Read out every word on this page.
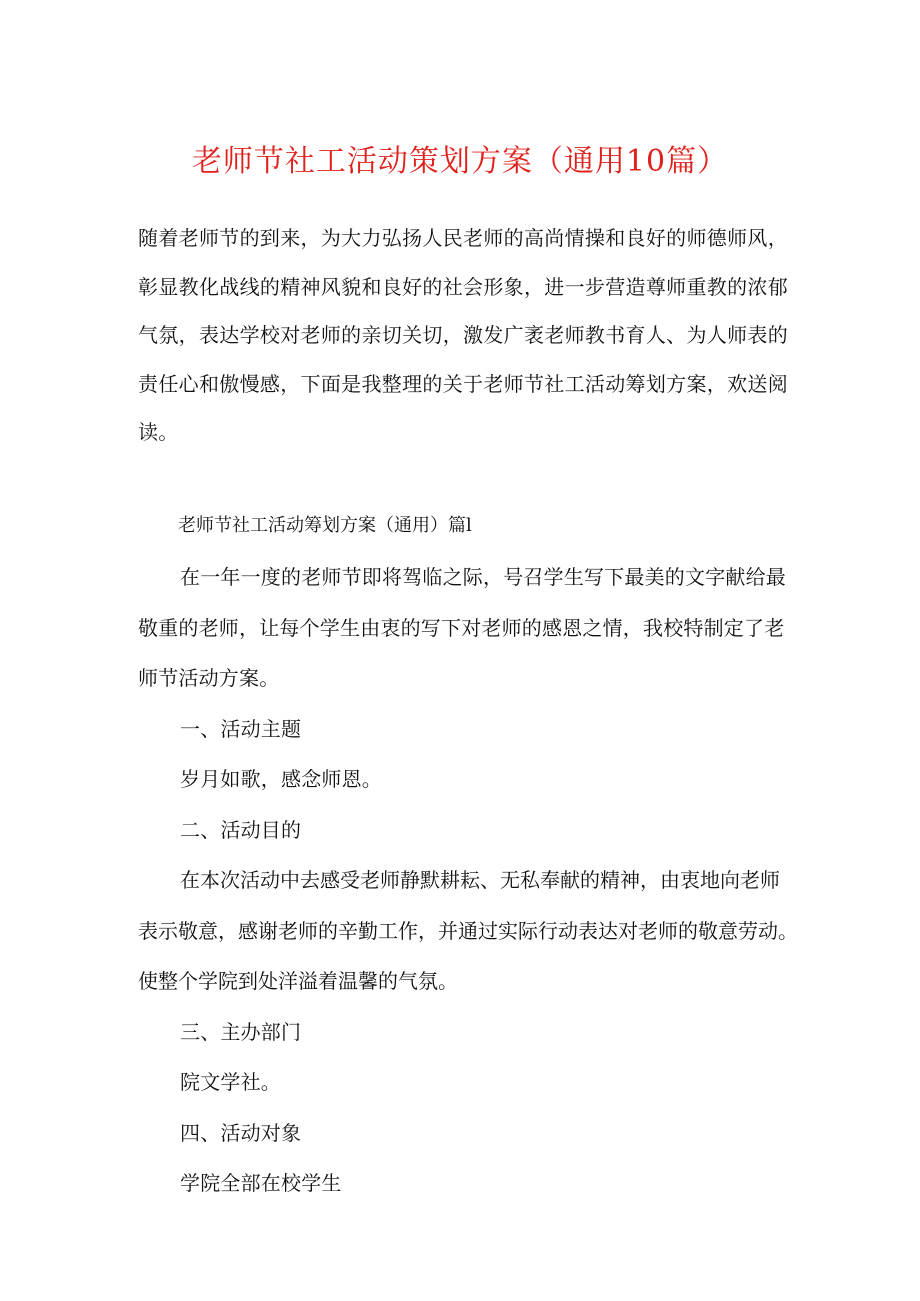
老师节社工活动策划方案（通用10篇）

随着老师节的到来，为大力弘扬人民老师的高尚情操和良好的师德师风，彰显教化战线的精神风貌和良好的社会形象，进一步营造尊师重教的浓郁气氛，表达学校对老师的亲切关切，激发广袤老师教书育人、为人师表的责任心和傲慢感，下面是我整理的关于老师节社工活动筹划方案，欢送阅读。

老师节社工活动筹划方案（通用）篇l

在一年一度的老师节即将驾临之际，号召学生写下最美的文字献给最敬重的老师，让每个学生由衷的写下对老师的感恩之情，我校特制定了老师节活动方案。

一、活动主题

岁月如歌，感念师恩。

二、活动目的

在本次活动中去感受老师静默耕耘、无私奉献的精神，由衷地向老师表示敬意，感谢老师的辛勤工作，并通过实际行动表达对老师的敬意劳动。使整个学院到处洋溢着温馨的气氛。

三、主办部门

院文学社。

四、活动对象

学院全部在校学生
